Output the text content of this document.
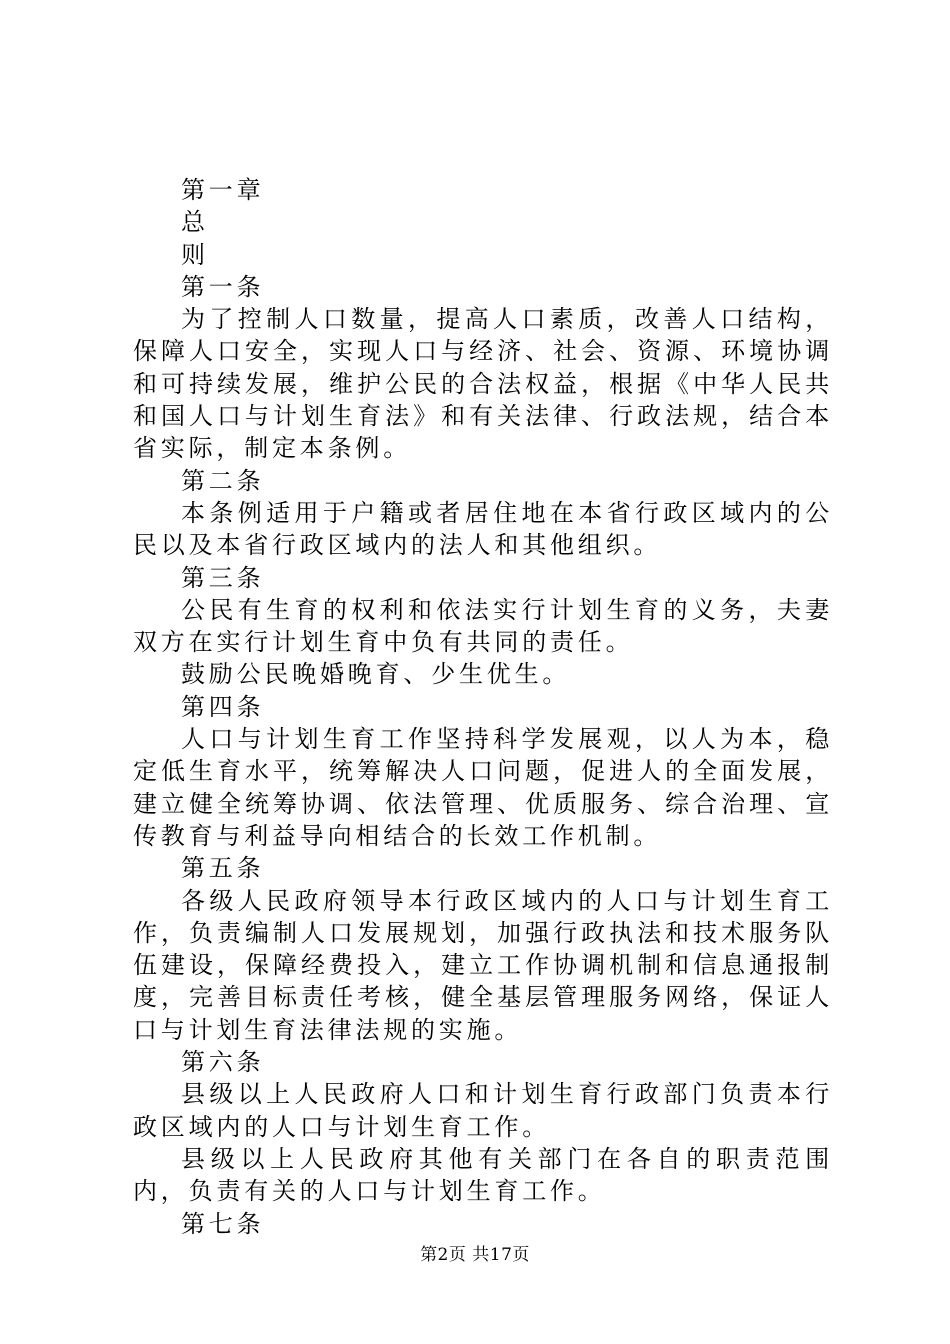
第一章

总

则

第一条

为了控制人口数量，提高人口素质，改善人口结构，保障人口安全，实现人口与经济、社会、资源、环境协调和可持续发展，维护公民的合法权益，根据《中华人民共和国人口与计划生育法》和有关法律、行政法规，结合本省实际，制定本条例。

第二条

本条例适用于户籍或者居住地在本省行政区域内的公民以及本省行政区域内的法人和其他组织。

第三条

公民有生育的权利和依法实行计划生育的义务，夫妻双方在实行计划生育中负有共同的责任。

鼓励公民晚婚晚育、少生优生。

第四条

人口与计划生育工作坚持科学发展观，以人为本，稳定低生育水平，统筹解决人口问题，促进人的全面发展，建立健全统筹协调、依法管理、优质服务、综合治理、宣传教育与利益导向相结合的长效工作机制。

第五条

各级人民政府领导本行政区域内的人口与计划生育工作，负责编制人口发展规划，加强行政执法和技术服务队伍建设，保障经费投入，建立工作协调机制和信息通报制度，完善目标责任考核，健全基层管理服务网络，保证人口与计划生育法律法规的实施。

第六条

县级以上人民政府人口和计划生育行政部门负责本行政区域内的人口与计划生育工作。

县级以上人民政府其他有关部门在各自的职责范围内，负责有关的人口与计划生育工作。

第七条

第2页 共17页
